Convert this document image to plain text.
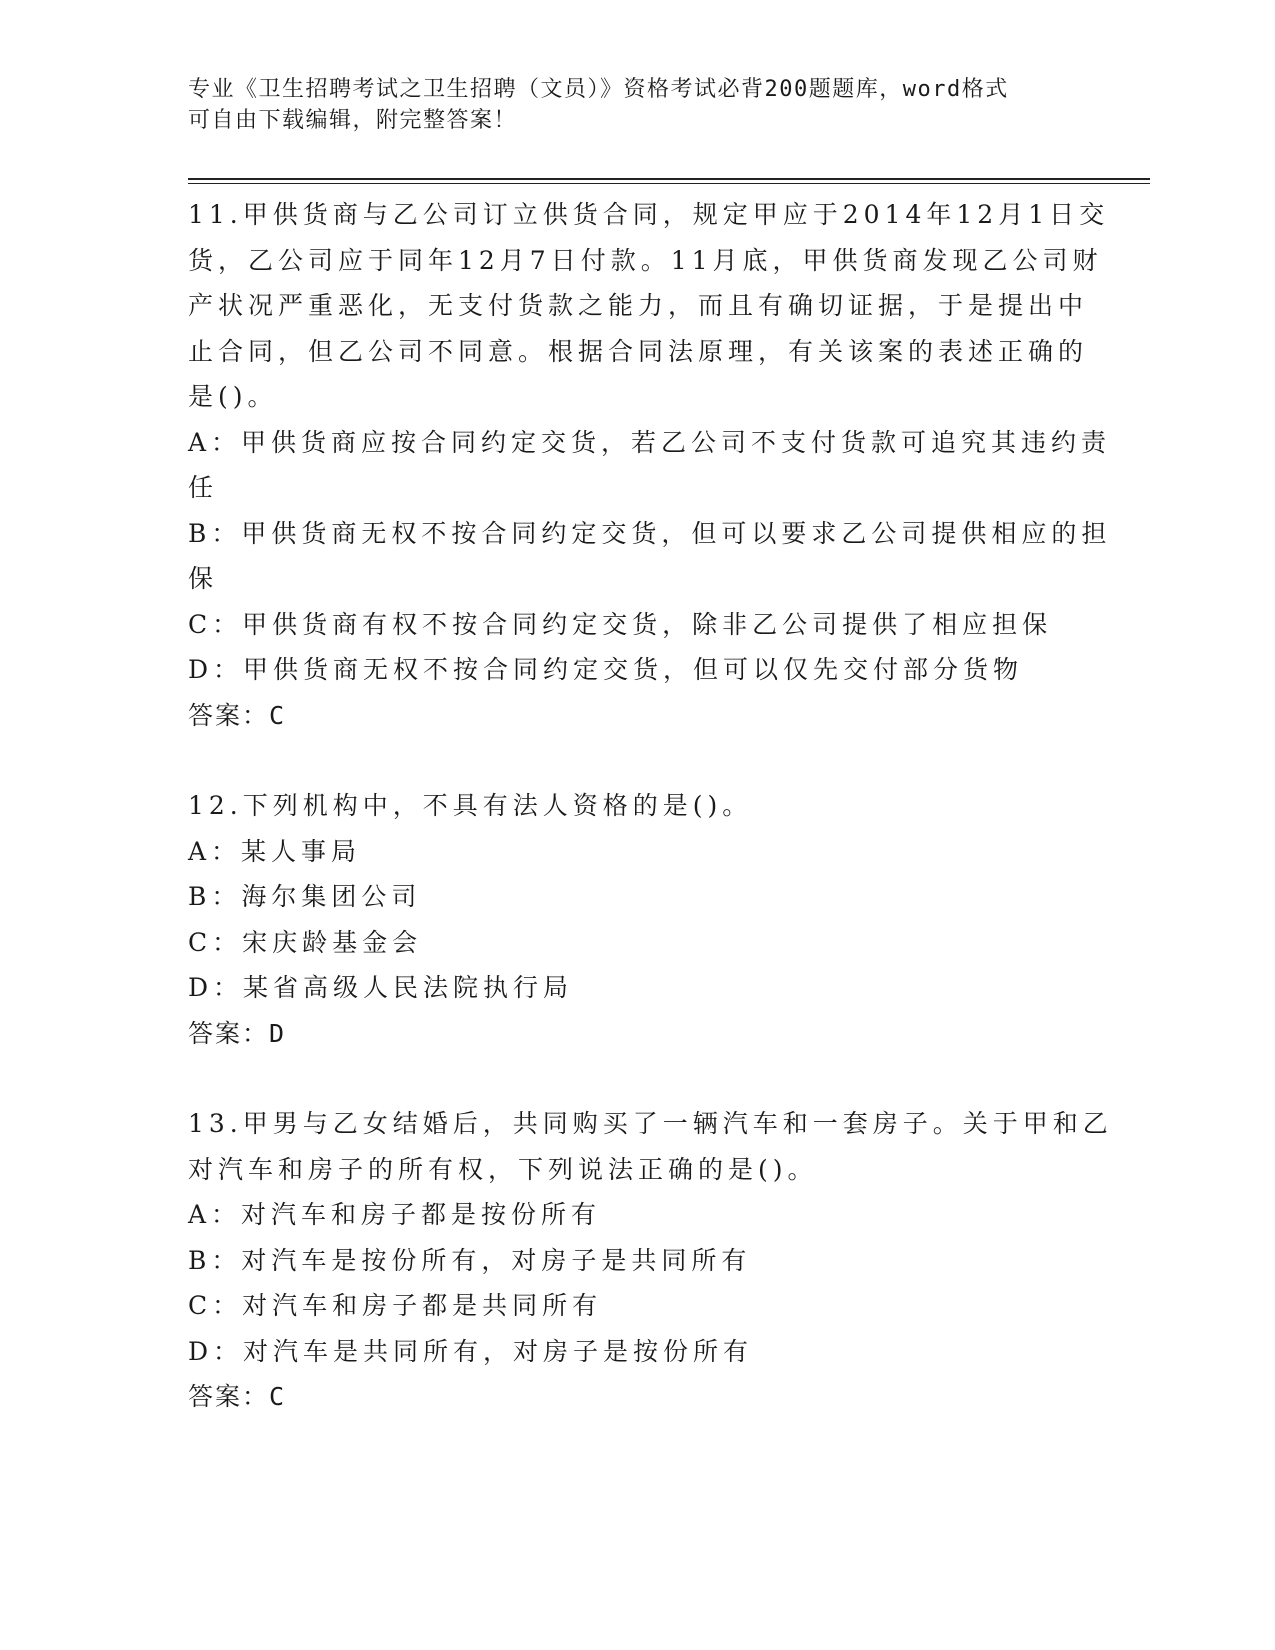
专业《卫生招聘考试之卫生招聘（文员）》资格考试必背200题题库，word格式
可自由下载编辑，附完整答案！
11.甲供货商与乙公司订立供货合同，规定甲应于2014年12月1日交
货，乙公司应于同年12月7日付款。11月底，甲供货商发现乙公司财
产状况严重恶化，无支付货款之能力，而且有确切证据，于是提出中
止合同，但乙公司不同意。根据合同法原理，有关该案的表述正确的
是()。
A：甲供货商应按合同约定交货，若乙公司不支付货款可追究其违约责
任
B：甲供货商无权不按合同约定交货，但可以要求乙公司提供相应的担
保
C：甲供货商有权不按合同约定交货，除非乙公司提供了相应担保
D：甲供货商无权不按合同约定交货，但可以仅先交付部分货物
答案：C
12.下列机构中，不具有法人资格的是()。
A：某人事局
B：海尔集团公司
C：宋庆龄基金会
D：某省高级人民法院执行局
答案：D
13.甲男与乙女结婚后，共同购买了一辆汽车和一套房子。关于甲和乙
对汽车和房子的所有权，下列说法正确的是()。
A：对汽车和房子都是按份所有
B：对汽车是按份所有，对房子是共同所有
C：对汽车和房子都是共同所有
D：对汽车是共同所有，对房子是按份所有
答案：C
